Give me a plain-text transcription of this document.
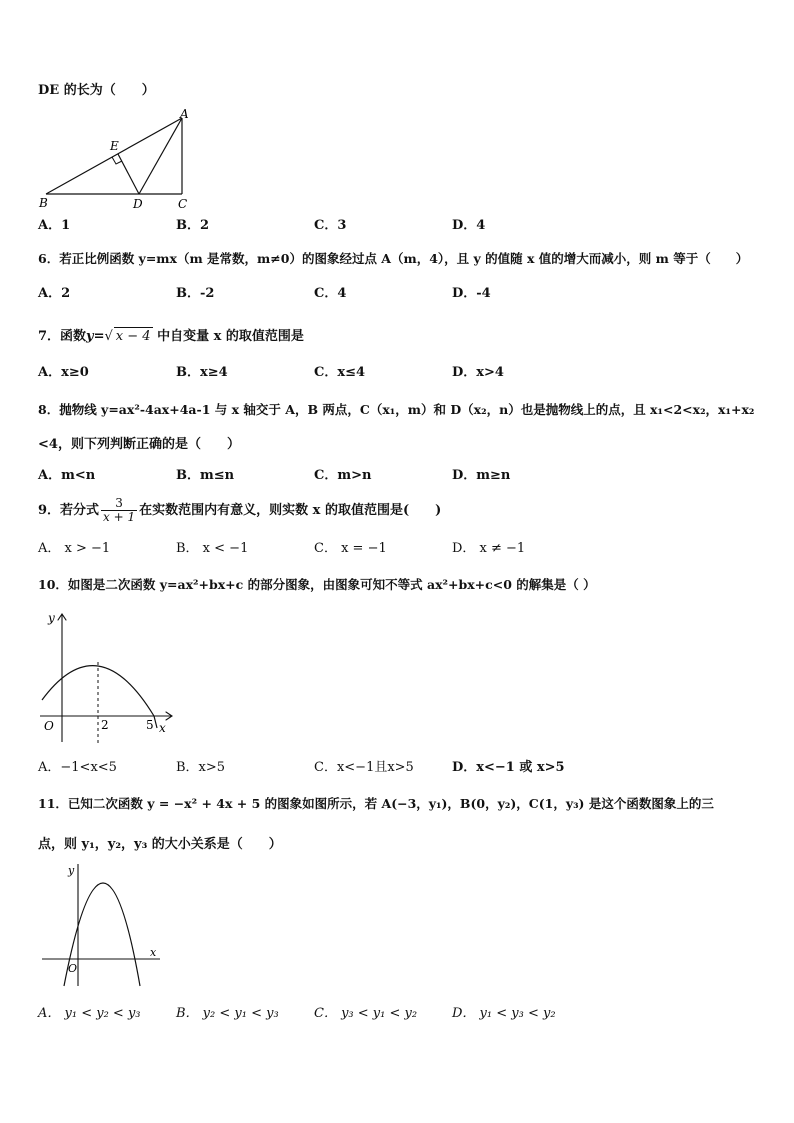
DE 的长为（　　）
B	D	C
A
E
A．1	B．2	C．3	D．4
6．若正比例函数 y=mx（m 是常数，m≠0）的图象经过点 A（m，4），且 y 的值随 x 值的增大而减小，则 m 等于（　　）
A．2	B．-2	C．4	D．-4
7．函数y=√ x − 4 中自变量 x 的取值范围是
A．x≥0	B．x≥4	C．x≤4	D．x>4
8．抛物线 y=ax²-4ax+4a-1 与 x 轴交于 A，B 两点，C（x₁，m）和 D（x₂，n）也是抛物线上的点，且 x₁<2<x₂，x₁+x₂
<4，则下列判断正确的是（　　）
A．m<n	B．m≤n	C．m>n	D．m≥n
9．若分式 $\frac{3}{x + 1}$ 在实数范围内有意义，则实数 x 的取值范围是(　　)
A． x > −1	B． x < −1	C． x = −1	D． x ≠ −1
10．如图是二次函数 y=ax²+bx+c 的部分图象，由图象可知不等式 ax²+bx+c<0 的解集是（ ）
y
O	2	5 x
A．−1<x<5	B．x>5	C．x<−1且x>5	D．x<−1 或 x>5
11．已知二次函数 y = −x² + 4x + 5 的图象如图所示，若 A(−3，y₁)，B(0，y₂)，C(1，y₃) 是这个函数图象上的三
点，则 y₁，y₂，y₃ 的大小关系是（　　）
y
O
x
A． y₁ < y₂ < y₃	B． y₂ < y₁ < y₃	C． y₃ < y₁ < y₂	D． y₁ < y₃ < y₂
